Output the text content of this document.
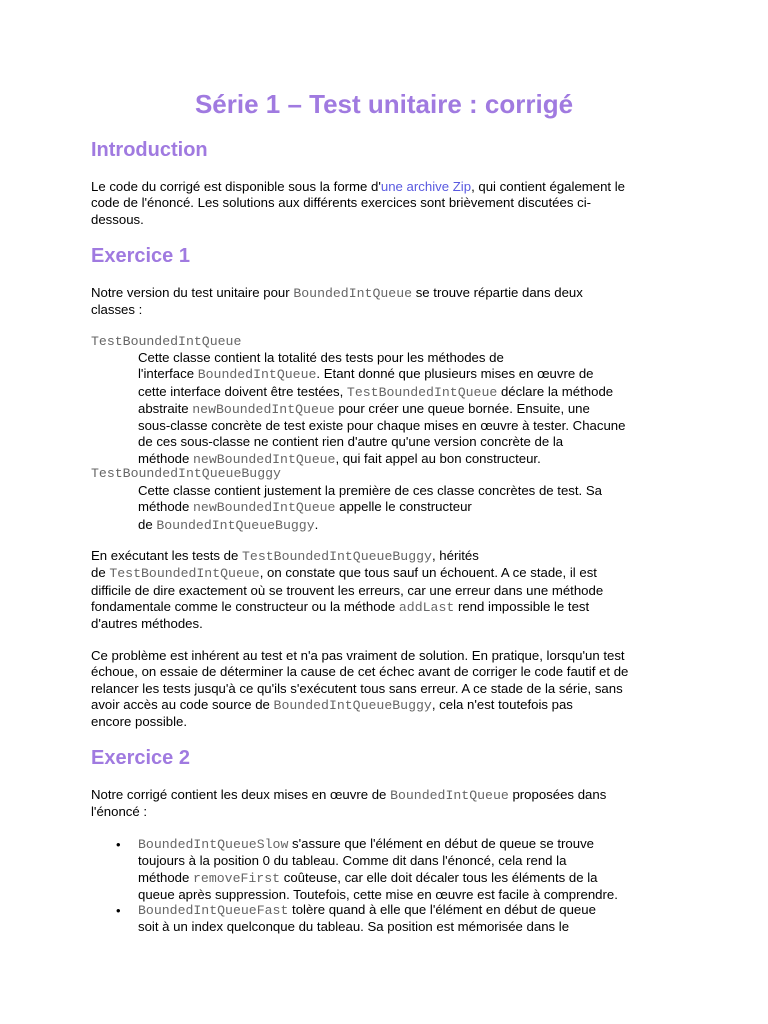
Série 1 – Test unitaire : corrigé
Introduction

Le code du corrigé est disponible sous la forme d'une archive Zip, qui contient également le
code de l'énoncé. Les solutions aux différents exercices sont brièvement discutées ci-
dessous.

Exercice 1

Notre version du test unitaire pour BoundedIntQueue se trouve répartie dans deux
classes :

TestBoundedIntQueue

Cette classe contient la totalité des tests pour les méthodes de
l'interface BoundedIntQueue. Etant donné que plusieurs mises en œuvre de
cette interface doivent être testées, TestBoundedIntQueue déclare la méthode
abstraite newBoundedIntQueue pour créer une queue bornée. Ensuite, une
sous-classe concrète de test existe pour chaque mises en œuvre à tester. Chacune
de ces sous-classe ne contient rien d'autre qu'une version concrète de la
méthode newBoundedIntQueue, qui fait appel au bon constructeur.

TestBoundedIntQueueBuggy

Cette classe contient justement la première de ces classe concrètes de test. Sa
méthode newBoundedIntQueue appelle le constructeur
de BoundedIntQueueBuggy.

En exécutant les tests de TestBoundedIntQueueBuggy, hérités
de TestBoundedIntQueue, on constate que tous sauf un échouent. A ce stade, il est
difficile de dire exactement où se trouvent les erreurs, car une erreur dans une méthode
fondamentale comme le constructeur ou la méthode addLast rend impossible le test
d'autres méthodes.

Ce problème est inhérent au test et n'a pas vraiment de solution. En pratique, lorsqu'un test
échoue, on essaie de déterminer la cause de cet échec avant de corriger le code fautif et de
relancer les tests jusqu'à ce qu'ils s'exécutent tous sans erreur. A ce stade de la série, sans
avoir accès au code source de BoundedIntQueueBuggy, cela n'est toutefois pas
encore possible.

Exercice 2

Notre corrigé contient les deux mises en œuvre de BoundedIntQueue proposées dans
l'énoncé :

• BoundedIntQueueSlow s'assure que l'élément en début de queue se trouve
toujours à la position 0 du tableau. Comme dit dans l'énoncé, cela rend la
méthode removeFirst coûteuse, car elle doit décaler tous les éléments de la
queue après suppression. Toutefois, cette mise en œuvre est facile à comprendre.

• BoundedIntQueueFast tolère quand à elle que l'élément en début de queue
soit à un index quelconque du tableau. Sa position est mémorisée dans le
